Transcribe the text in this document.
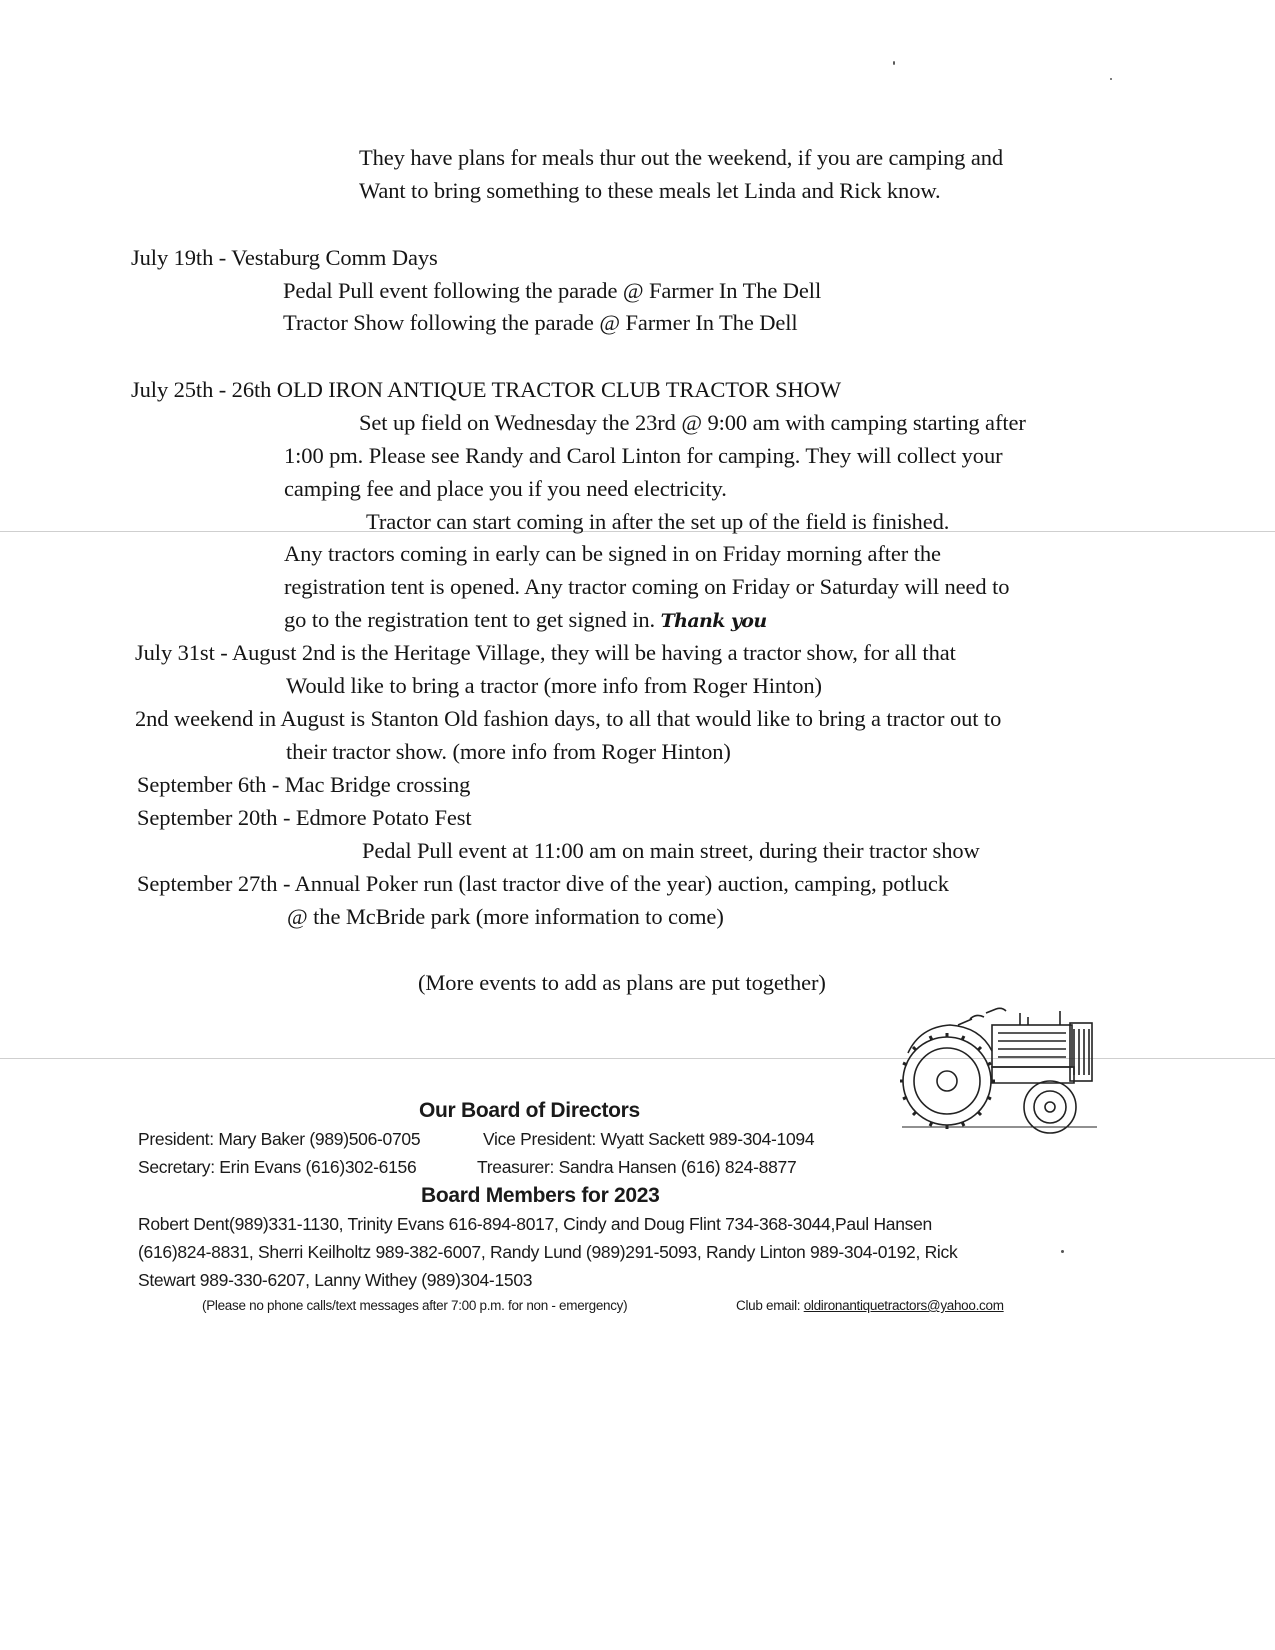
They have plans for meals thur out the weekend, if you are camping and
Want to bring something to these meals let Linda and Rick know.
July 19th - Vestaburg Comm Days
Pedal Pull event following the parade @ Farmer In The Dell
Tractor Show following the parade @ Farmer In The Dell
July 25th - 26th OLD IRON ANTIQUE TRACTOR CLUB TRACTOR SHOW
Set up field on Wednesday the 23rd @ 9:00 am with camping starting after
1:00 pm. Please see Randy and Carol Linton for camping. They will collect your
camping fee and place you if you need electricity.
Tractor can start coming in after the set up of the field is finished.
Any tractors coming in early can be signed in on Friday morning after the
registration tent is opened. Any tractor coming on Friday or Saturday will need to
go to the registration tent to get signed in. Thank you
July 31st - August 2nd is the Heritage Village, they will be having a tractor show, for all that
Would like to bring a tractor (more info from Roger Hinton)
2nd weekend in August is Stanton Old fashion days, to all that would like to bring a tractor out to
their tractor show. (more info from Roger Hinton)
September 6th - Mac Bridge crossing
September 20th - Edmore Potato Fest
Pedal Pull event at 11:00 am on main street, during their tractor show
September 27th - Annual Poker run (last tractor dive of the year) auction, camping, potluck
@ the McBride park (more information to come)
(More events to add as plans are put together)
Our Board of Directors
President: Mary Baker (989)506-0705	Vice President: Wyatt Sackett 989-304-1094
Secretary: Erin Evans (616)302-6156	Treasurer: Sandra Hansen (616) 824-8877
Board Members for 2023
Robert Dent(989)331-1130, Trinity Evans 616-894-8017, Cindy and Doug Flint 734-368-3044,Paul Hansen
(616)824-8831, Sherri Keilholtz 989-382-6007, Randy Lund (989)291-5093, Randy Linton 989-304-0192, Rick
Stewart 989-330-6207, Lanny Withey (989)304-1503
(Please no phone calls/text messages after 7:00 p.m. for non - emergency)	Club email: oldironantiquetractors@yahoo.com
